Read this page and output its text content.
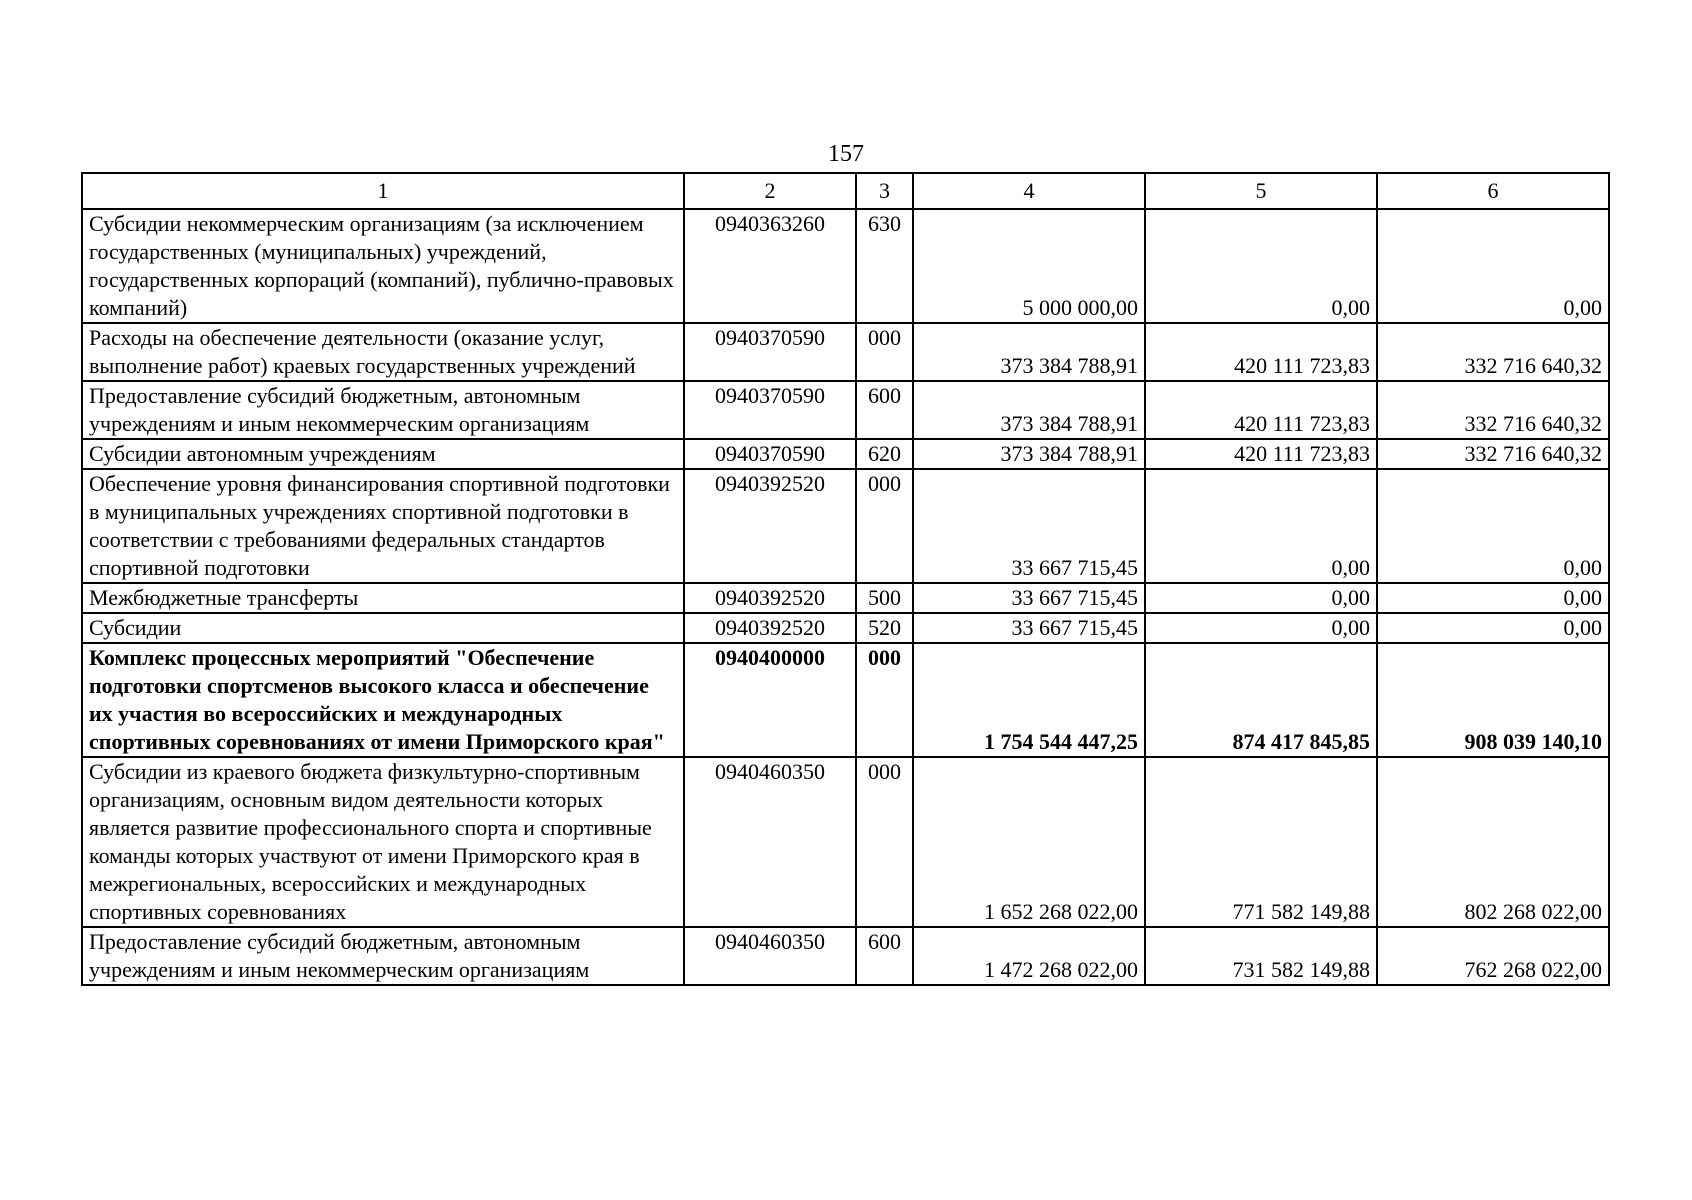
157
1	2	3	4	5	6
Субсидии некоммерческим организациям (за исключением государственных (муниципальных) учреждений, государственных корпораций (компаний), публично-правовых компаний)	0940363260	630	5 000 000,00	0,00	0,00
Расходы на обеспечение деятельности (оказание услуг, выполнение работ) краевых государственных учреждений	0940370590	000	373 384 788,91	420 111 723,83	332 716 640,32
Предоставление субсидий бюджетным, автономным учреждениям и иным некоммерческим организациям	0940370590	600	373 384 788,91	420 111 723,83	332 716 640,32
Субсидии автономным учреждениям	0940370590	620	373 384 788,91	420 111 723,83	332 716 640,32
Обеспечение уровня финансирования спортивной подготовки в муниципальных учреждениях спортивной подготовки в соответствии с требованиями федеральных стандартов спортивной подготовки	0940392520	000	33 667 715,45	0,00	0,00
Межбюджетные трансферты	0940392520	500	33 667 715,45	0,00	0,00
Субсидии	0940392520	520	33 667 715,45	0,00	0,00
Комплекс процессных мероприятий "Обеспечение подготовки спортсменов высокого класса и обеспечение их участия во всероссийских и международных спортивных соревнованиях от имени Приморского края"	0940400000	000	1 754 544 447,25	874 417 845,85	908 039 140,10
Субсидии из краевого бюджета физкультурно-спортивным организациям, основным видом деятельности которых является развитие профессионального спорта и спортивные команды которых участвуют от имени Приморского края в межрегиональных, всероссийских и международных спортивных соревнованиях	0940460350	000	1 652 268 022,00	771 582 149,88	802 268 022,00
Предоставление субсидий бюджетным, автономным учреждениям и иным некоммерческим организациям	0940460350	600	1 472 268 022,00	731 582 149,88	762 268 022,00
